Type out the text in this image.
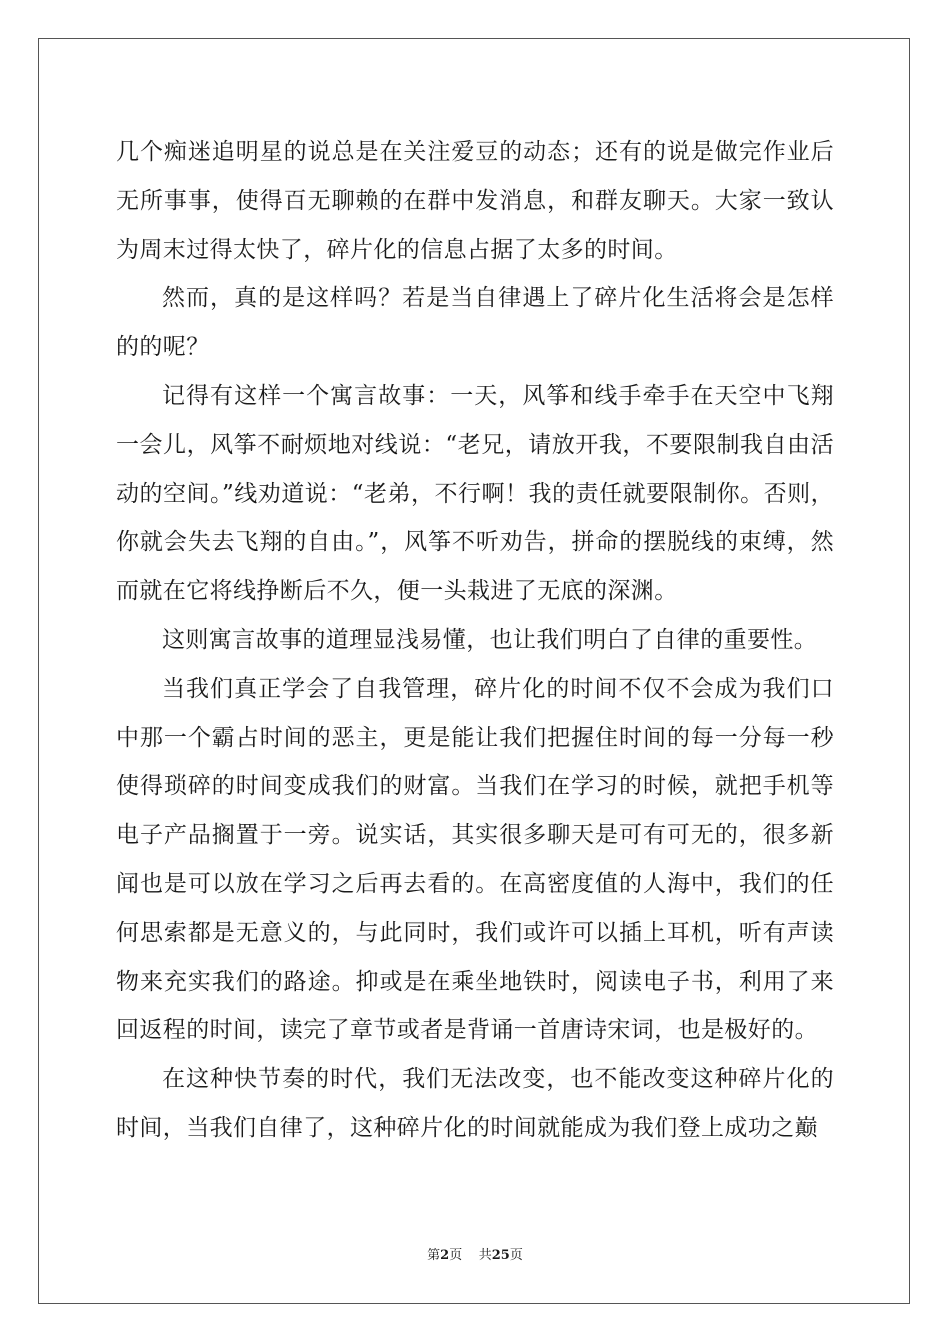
几个痴迷追明星的说总是在关注爱豆的动态；还有的说是做完作业后无所事事，使得百无聊赖的在群中发消息，和群友聊天。大家一致认为周末过得太快了，碎片化的信息占据了太多的时间。

然而，真的是这样吗？若是当自律遇上了碎片化生活将会是怎样的的呢？

记得有这样一个寓言故事：一天，风筝和线手牵手在天空中飞翔一会儿，风筝不耐烦地对线说：“老兄，请放开我，不要限制我自由活动的空间。”线劝道说：“老弟，不行啊！我的责任就要限制你。否则，你就会失去飞翔的自由。”，风筝不听劝告，拼命的摆脱线的束缚，然而就在它将线挣断后不久，便一头栽进了无底的深渊。

这则寓言故事的道理显浅易懂，也让我们明白了自律的重要性。

当我们真正学会了自我管理，碎片化的时间不仅不会成为我们口中那一个霸占时间的恶主，更是能让我们把握住时间的每一分每一秒使得琐碎的时间变成我们的财富。当我们在学习的时候，就把手机等电子产品搁置于一旁。说实话，其实很多聊天是可有可无的，很多新闻也是可以放在学习之后再去看的。在高密度值的人海中，我们的任何思索都是无意义的，与此同时，我们或许可以插上耳机，听有声读物来充实我们的路途。抑或是在乘坐地铁时，阅读电子书，利用了来回返程的时间，读完了章节或者是背诵一首唐诗宋词，也是极好的。

在这种快节奏的时代，我们无法改变，也不能改变这种碎片化的时间，当我们自律了，这种碎片化的时间就能成为我们登上成功之巅

第2页 共25页
